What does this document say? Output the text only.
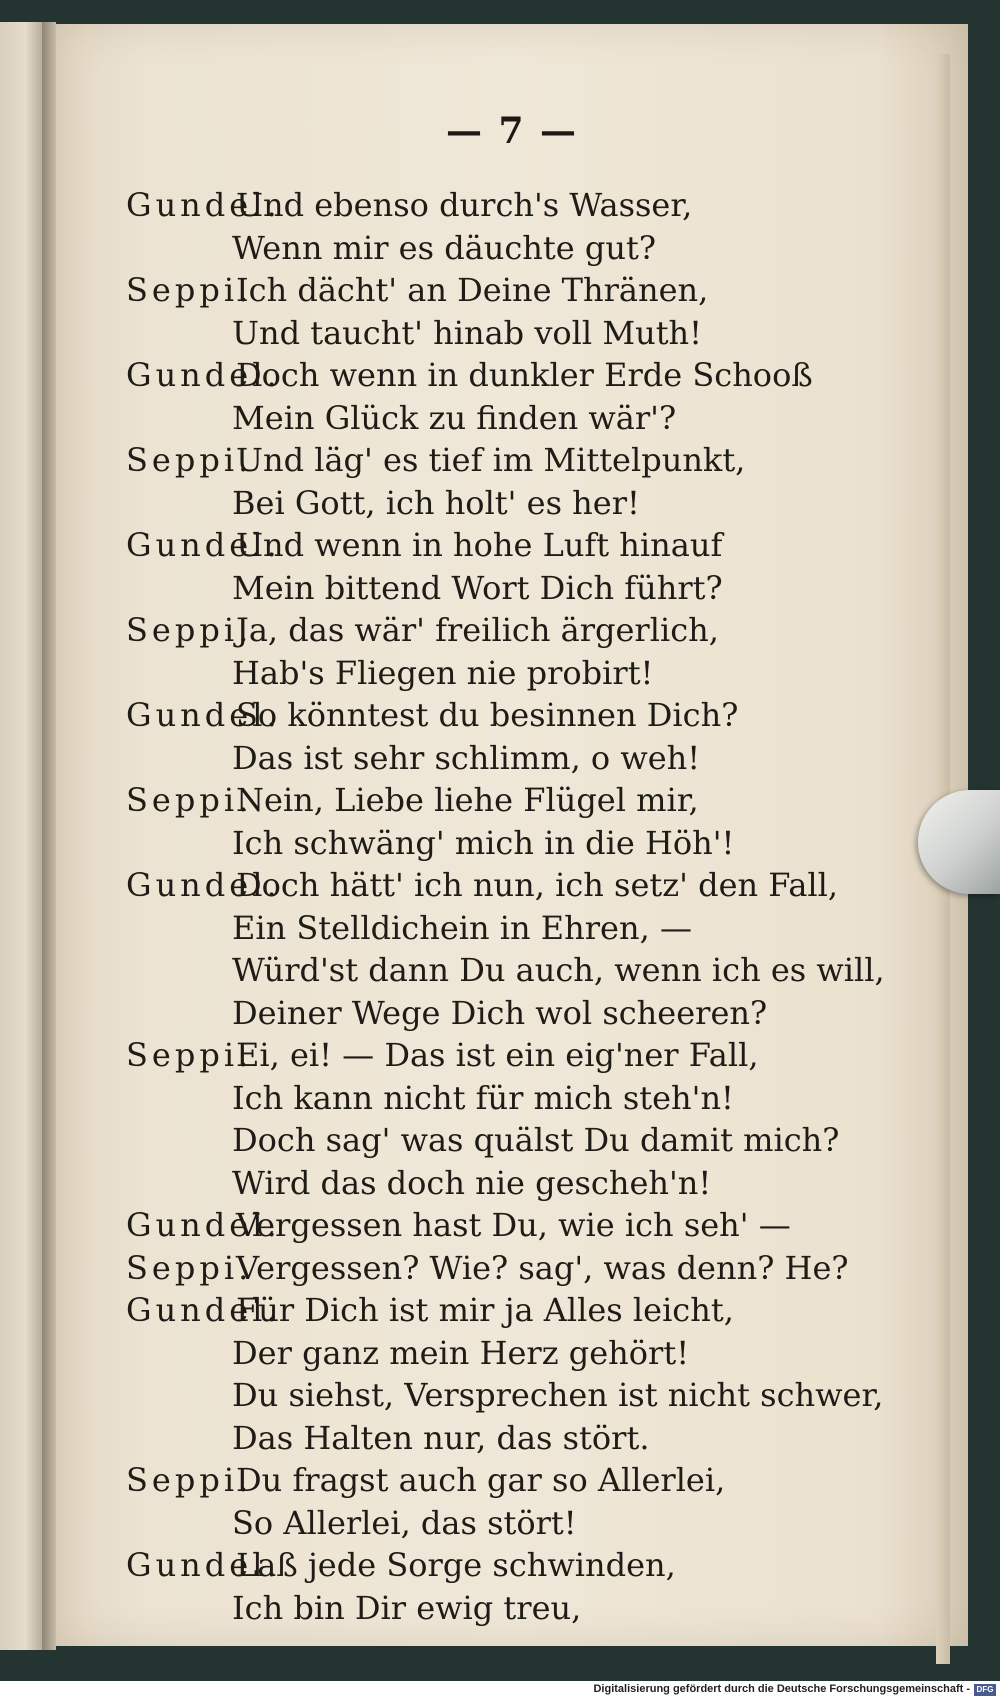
— 7 —
Gundel.
Und ebenso durch's Wasser,
Wenn mir es däuchte gut?
Seppi.
Ich dächt' an Deine Thränen,
Und taucht' hinab voll Muth!
Gundel.
Doch wenn in dunkler Erde Schooß
Mein Glück zu finden wär'?
Seppi.
Und läg' es tief im Mittelpunkt,
Bei Gott, ich holt' es her!
Gundel.
Und wenn in hohe Luft hinauf
Mein bittend Wort Dich führt?
Seppi.
Ja, das wär' freilich ärgerlich,
Hab's Fliegen nie probirt!
Gundel.
So könntest du besinnen Dich?
Das ist sehr schlimm, o weh!
Seppi.
Nein, Liebe liehe Flügel mir,
Ich schwäng' mich in die Höh'!
Gundel.
Doch hätt' ich nun, ich setz' den Fall,
Ein Stelldichein in Ehren, —
Würd'st dann Du auch, wenn ich es will,
Deiner Wege Dich wol scheeren?
Seppi.
Ei, ei! — Das ist ein eig'ner Fall,
Ich kann nicht für mich steh'n!
Doch sag' was quälst Du damit mich?
Wird das doch nie gescheh'n!
Gundel.
Vergessen hast Du, wie ich seh' —
Seppi.
Vergessen? Wie? sag', was denn? He?
Gundel.
Für Dich ist mir ja Alles leicht,
Der ganz mein Herz gehört!
Du siehst, Versprechen ist nicht schwer,
Das Halten nur, das stört.
Seppi.
Du fragst auch gar so Allerlei,
So Allerlei, das stört!
Gundel.
Laß jede Sorge schwinden,
Ich bin Dir ewig treu,
Digitalisierung gefördert durch die Deutsche Forschungsgemeinschaft - DFG
